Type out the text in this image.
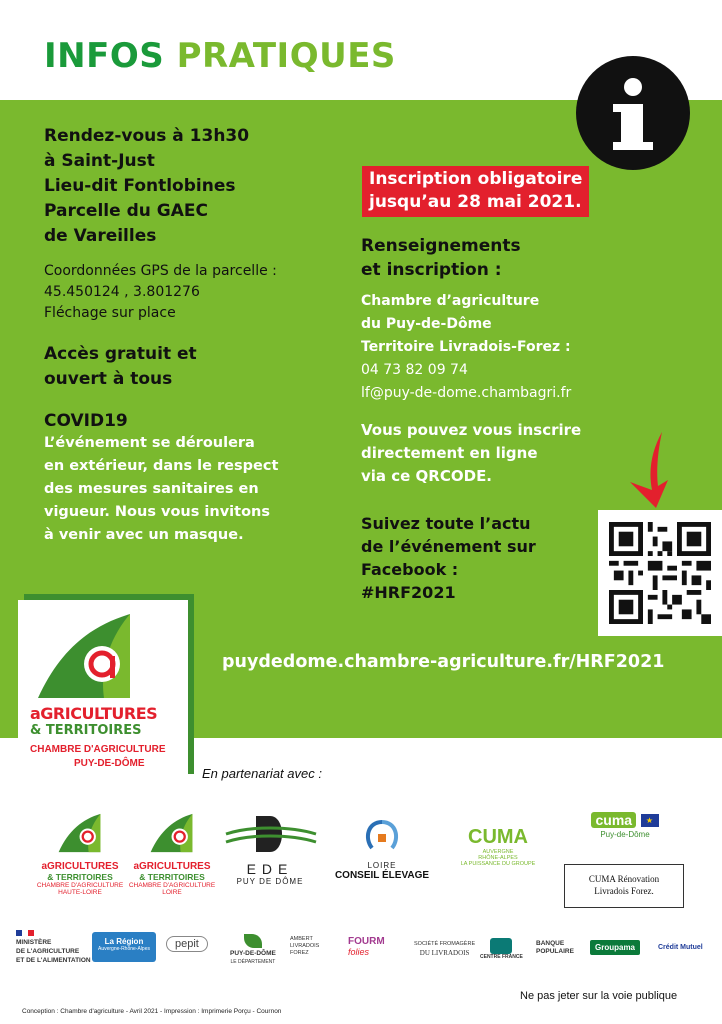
INFOS PRATIQUES
Rendez-vous à 13h30
à Saint-Just
Lieu-dit Fontlobines
Parcelle du GAEC
de Vareilles
Coordonnées GPS de la parcelle :
45.450124 , 3.801276
Fléchage sur place
Accès gratuit et
ouvert à tous
COVID19
L’événement se déroulera
en extérieur, dans le respect
des mesures sanitaires en
vigueur. Nous vous invitons
à venir avec un masque.
Inscription obligatoire
jusqu’au 28 mai 2021.
Renseignements
et inscription :
Chambre d’agriculture
du Puy-de-Dôme
Territoire Livradois-Forez :
04 73 82 09 74
lf@puy-de-dome.chambagri.fr
Vous pouvez vous inscrire
directement en ligne
via ce QRCODE.
Suivez toute l’actu
de l’événement sur
Facebook :
#HRF2021
puydedome.chambre-agriculture.fr/HRF2021
aGRICULTURES
& TERRITOIRES
CHAMBRE D'AGRICULTURE
PUY-DE-DÔME
En partenariat avec :
aGRICULTURES
& TERRITOIRES
CHAMBRE D'AGRICULTURE
HAUTE-LOIRE
aGRICULTURES
& TERRITOIRES
CHAMBRE D'AGRICULTURE
LOIRE
EDE
PUY DE DÔME
LOIRE
CONSEIL ÉLEVAGE
CUMA
AUVERGNE
RHÔNE-ALPES
LA PUISSANCE DU GROUPE
cuma ★
Puy-de-Dôme
CUMA Rénovation
Livradois Forez.
MINISTÈRE
DE L'AGRICULTURE
ET DE L'ALIMENTATION
La Région
Auvergne-Rhône-Alpes	pepit
PUY-DE-DÔME
LE DÉPARTEMENT
AMBERT
LIVRADOIS
FOREZ
FOURM
folies
SOCIÉTÉ FROMAGÈRE
DU LIVRADOIS	CENTRE FRANCE
BANQUE
POPULAIRE	Groupama	Crédit Mutuel
Conception : Chambre d'agriculture - Avril 2021 - Impression : Imprimerie Porçu - Cournon
Ne pas jeter sur la voie publique
